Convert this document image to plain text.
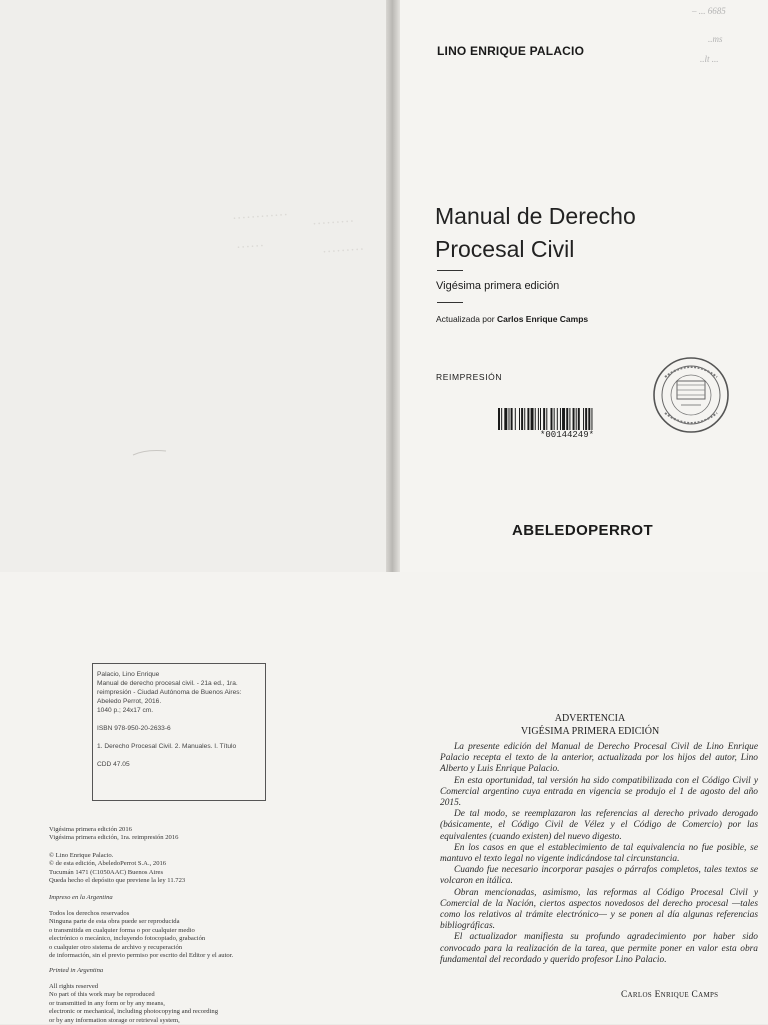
………… ………
……	………
– ... 6685
..ms
..lt ...
LINO ENRIQUE PALACIO
Manual de Derecho
Procesal Civil
Vigésima primera edición
Actualizada por Carlos Enrique Camps
REIMPRESIÓN
*00144249*
ABELEDOPERROT
Palacio, Lino Enrique
Manual de derecho procesal civil. - 21a ed., 1ra.
reimpresión - Ciudad Autónoma de Buenos Aires:
Abeledo Perrot, 2016.
1040 p.; 24x17 cm.
ISBN 978-950-20-2633-6
1. Derecho Procesal Civil. 2. Manuales. I. Título
CDD 47.05
Vigésima primera edición 2016
Vigésima primera edición, 1ra. reimpresión 2016
© Lino Enrique Palacio.
© de esta edición, AbeledoPerrot S.A., 2016
Tucumán 1471 (C1050AAC) Buenos Aires
Queda hecho el depósito que previene la ley 11.723
Impreso en la Argentina
Todos los derechos reservados
Ninguna parte de esta obra puede ser reproducida
o transmitida en cualquier forma o por cualquier medio
electrónico o mecánico, incluyendo fotocopiado, grabación
o cualquier otro sistema de archivo y recuperación
de información, sin el previo permiso por escrito del Editor y el autor.
Printed in Argentina
All rights reserved
No part of this work may be reproduced
or transmitted in any form or by any means,
electronic or mechanical, including photocopying and recording
or by any information storage or retrieval system,
ADVERTENCIA
VIGÉSIMA PRIMERA EDICIÓN

La presente edición del Manual de Derecho Procesal Civil de Lino Enrique Palacio recepta el texto de la anterior, actualizada por los hijos del autor, Lino Alberto y Luis Enrique Palacio.

En esta oportunidad, tal versión ha sido compatibilizada con el Código Civil y Comercial argentino cuya entrada en vigencia se produjo el 1 de agosto del año 2015.

De tal modo, se reemplazaron las referencias al derecho privado derogado (básicamente, el Código Civil de Vélez y el Código de Comercio) por las equivalentes (cuando existen) del nuevo digesto.

En los casos en que el establecimiento de tal equivalencia no fue posible, se mantuvo el texto legal no vigente indicándose tal circunstancia.

Cuando fue necesario incorporar pasajes o párrafos completos, tales textos se volcaron en itálica.

Obran mencionadas, asimismo, las reformas al Código Procesal Civil y Comercial de la Nación, ciertos aspectos novedosos del derecho procesal —tales como los relativos al trámite electrónico— y se ponen al día algunas referencias bibliográficas.

El actualizador manifiesta su profundo agradecimiento por haber sido convocado para la realización de la tarea, que permite poner en valor esta obra fundamental del recordado y querido profesor Lino Palacio.

Carlos Enrique Camps
